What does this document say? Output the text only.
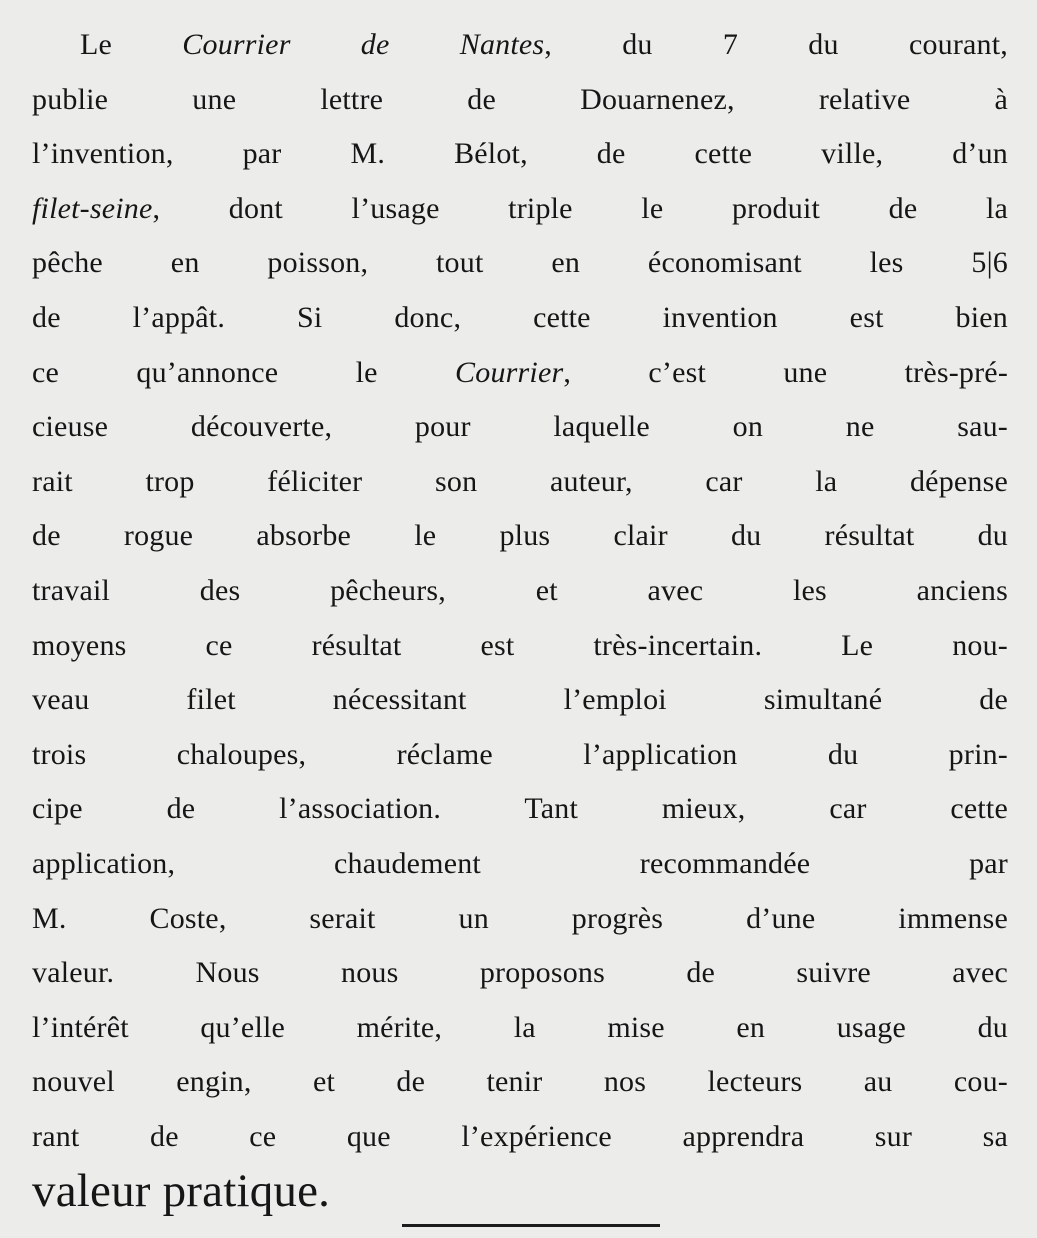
Le Courrier de Nantes, du 7 du courant,
publie une lettre de Douarnenez, relative à
l’invention, par M. Bélot, de cette ville, d’un
filet-seine, dont l’usage triple le produit de la
pêche en poisson, tout en économisant les 5|6
de l’appât. Si donc, cette invention est bien
ce qu’annonce le Courrier, c’est une très-pré-
cieuse découverte, pour laquelle on ne sau-
rait trop féliciter son auteur, car la dépense
de rogue absorbe le plus clair du résultat du
travail des pêcheurs, et avec les anciens
moyens ce résultat est très-incertain. Le nou-
veau filet nécessitant l’emploi simultané de
trois chaloupes, réclame l’application du prin-
cipe de l’association. Tant mieux, car cette
application, chaudement recommandée par
M. Coste, serait un progrès d’une immense
valeur. Nous nous proposons de suivre avec
l’intérêt qu’elle mérite, la mise en usage du
nouvel engin, et de tenir nos lecteurs au cou-
rant de ce que l’expérience apprendra sur sa
valeur pratique.
